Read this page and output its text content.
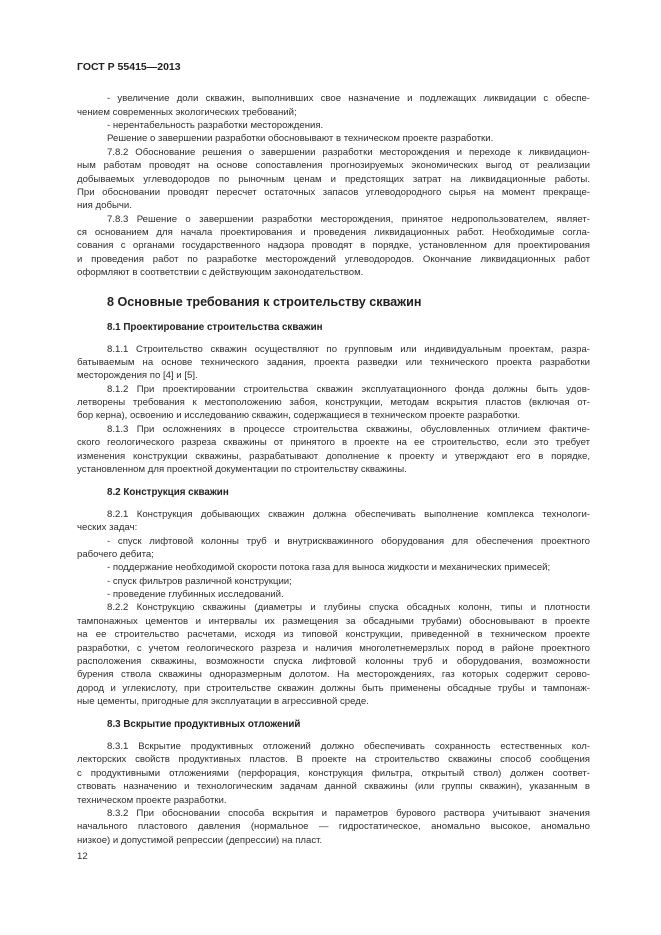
ГОСТ Р 55415—2013
- увеличение доли скважин, выполнивших свое назначение и подлежащих ликвидации с обеспе-
чением современных экологических требований;
- нерентабельность разработки месторождения.
Решение о завершении разработки обосновывают в техническом проекте разработки.
7.8.2 Обоснование решения о завершении разработки месторождения и переходе к ликвидацион-
ным работам проводят на основе сопоставления прогнозируемых экономических выгод от реализации
добываемых углеводородов по рыночным ценам и предстоящих затрат на ликвидационные работы.
При обосновании проводят пересчет остаточных запасов углеводородного сырья на момент прекраще-
ния добычи.
7.8.3 Решение о завершении разработки месторождения, принятое недропользователем, являет-
ся основанием для начала проектирования и проведения ликвидационных работ. Необходимые согла-
сования с органами государственного надзора проводят в порядке, установленном для проектирования
и проведения работ по разработке месторождений углеводородов. Окончание ликвидационных работ
оформляют в соответствии с действующим законодательством.
8 Основные требования к строительству скважин
8.1 Проектирование строительства скважин
8.1.1 Строительство скважин осуществляют по групповым или индивидуальным проектам, разра-
батываемым на основе технического задания, проекта разведки или технического проекта разработки
месторождения по [4] и [5].
8.1.2 При проектировании строительства скважин эксплуатационного фонда должны быть удов-
летворены требования к местоположению забоя, конструкции, методам вскрытия пластов (включая от-
бор керна), освоению и исследованию скважин, содержащиеся в техническом проекте разработки.
8.1.3 При осложнениях в процессе строительства скважины, обусловленных отличием фактиче-
ского геологического разреза скважины от принятого в проекте на ее строительство, если это требует
изменения конструкции скважины, разрабатывают дополнение к проекту и утверждают его в порядке,
установленном для проектной документации по строительству скважины.
8.2 Конструкция скважин
8.2.1 Конструкция добывающих скважин должна обеспечивать выполнение комплекса технологи-
ческих задач:
- спуск лифтовой колонны труб и внутрискважинного оборудования для обеспечения проектного
рабочего дебита;
- поддержание необходимой скорости потока газа для выноса жидкости и механических примесей;
- спуск фильтров различной конструкции;
- проведение глубинных исследований.
8.2.2 Конструкцию скважины (диаметры и глубины спуска обсадных колонн, типы и плотности
тампонажных цементов и интервалы их размещения за обсадными трубами) обосновывают в проекте
на ее строительство расчетами, исходя из типовой конструкции, приведенной в техническом проекте
разработки, с учетом геологического разреза и наличия многолетнемерзлых пород в районе проектного
расположения скважины, возможности спуска лифтовой колонны труб и оборудования, возможности
бурения ствола скважины одноразмерным долотом. На месторождениях, газ которых содержит серово-
дород и углекислоту, при строительстве скважин должны быть применены обсадные трубы и тампонаж-
ные цементы, пригодные для эксплуатации в агрессивной среде.
8.3 Вскрытие продуктивных отложений
8.3.1 Вскрытие продуктивных отложений должно обеспечивать сохранность естественных кол-
лекторских свойств продуктивных пластов. В проекте на строительство скважины способ сообщения
с продуктивными отложениями (перфорация, конструкция фильтра, открытый ствол) должен соответ-
ствовать назначению и технологическим задачам данной скважины (или группы скважин), указанным в
техническом проекте разработки.
8.3.2 При обосновании способа вскрытия и параметров бурового раствора учитывают значения
начального пластового давления (нормальное — гидростатическое, аномально высокое, аномально
низкое) и допустимой репрессии (депрессии) на пласт.
12
